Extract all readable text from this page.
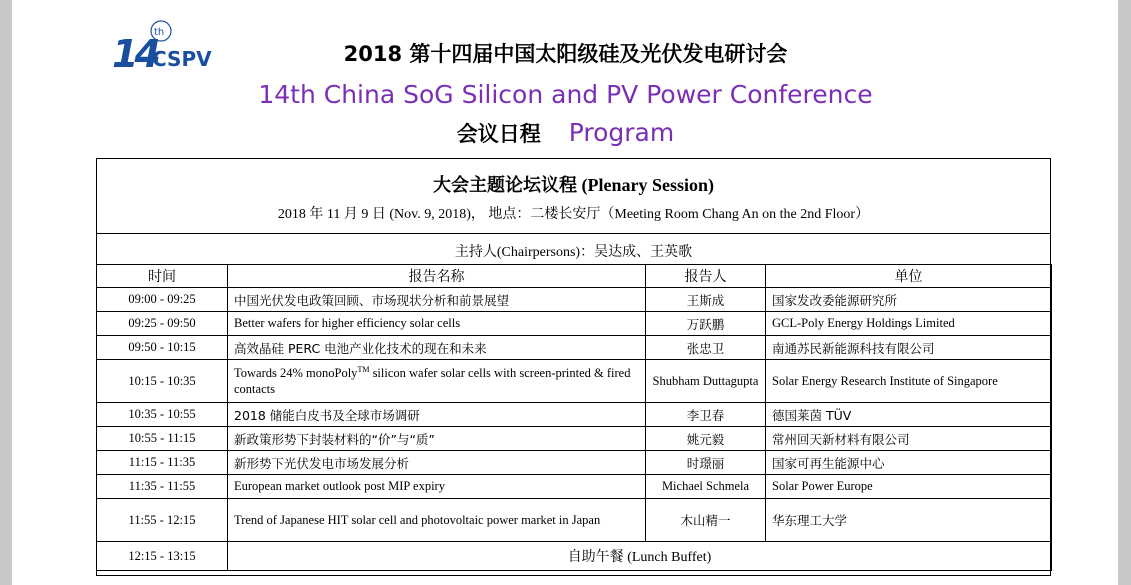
14
th
CSPV	2018 第十四届中国太阳级硅及光伏发电研讨会
14th China SoG Silicon and PV Power Conference
会议日程 Program
大会主题论坛议程 (Plenary Session)
2018 年 11 月 9 日 (Nov. 9, 2018)， 地点：二楼长安厅（Meeting Room Chang An on the 2nd Floor）
主持人(Chairpersons)：吴达成、王英歌
时间	报告名称	报告人	单位
09:00 - 09:25	中国光伏发电政策回顾、市场现状分析和前景展望	王斯成	国家发改委能源研究所
09:25 - 09:50	Better wafers for higher efficiency solar cells	万跃鹏	GCL-Poly Energy Holdings Limited
09:50 - 10:15	高效晶硅 PERC 电池产业化技术的现在和未来	张忠卫	南通苏民新能源科技有限公司
10:15 - 10:35	Towards 24% monoPoly™ silicon wafer solar cells with screen-printed & fired contacts	Shubham Duttagupta	Solar Energy Research Institute of Singapore
10:35 - 10:55	2018 储能白皮书及全球市场调研	李卫春	德国莱茵 TÜV
10:55 - 11:15	新政策形势下封装材料的“价”与“质”	姚元毅	常州回天新材料有限公司
11:15 - 11:35	新形势下光伏发电市场发展分析	时璟丽	国家可再生能源中心
11:35 - 11:55	European market outlook post MIP expiry	Michael Schmela	Solar Power Europe
11:55 - 12:15	Trend of Japanese HIT solar cell and photovoltaic power market in Japan	木山精一	华东理工大学
12:15 - 13:15	自助午餐 (Lunch Buffet)		
